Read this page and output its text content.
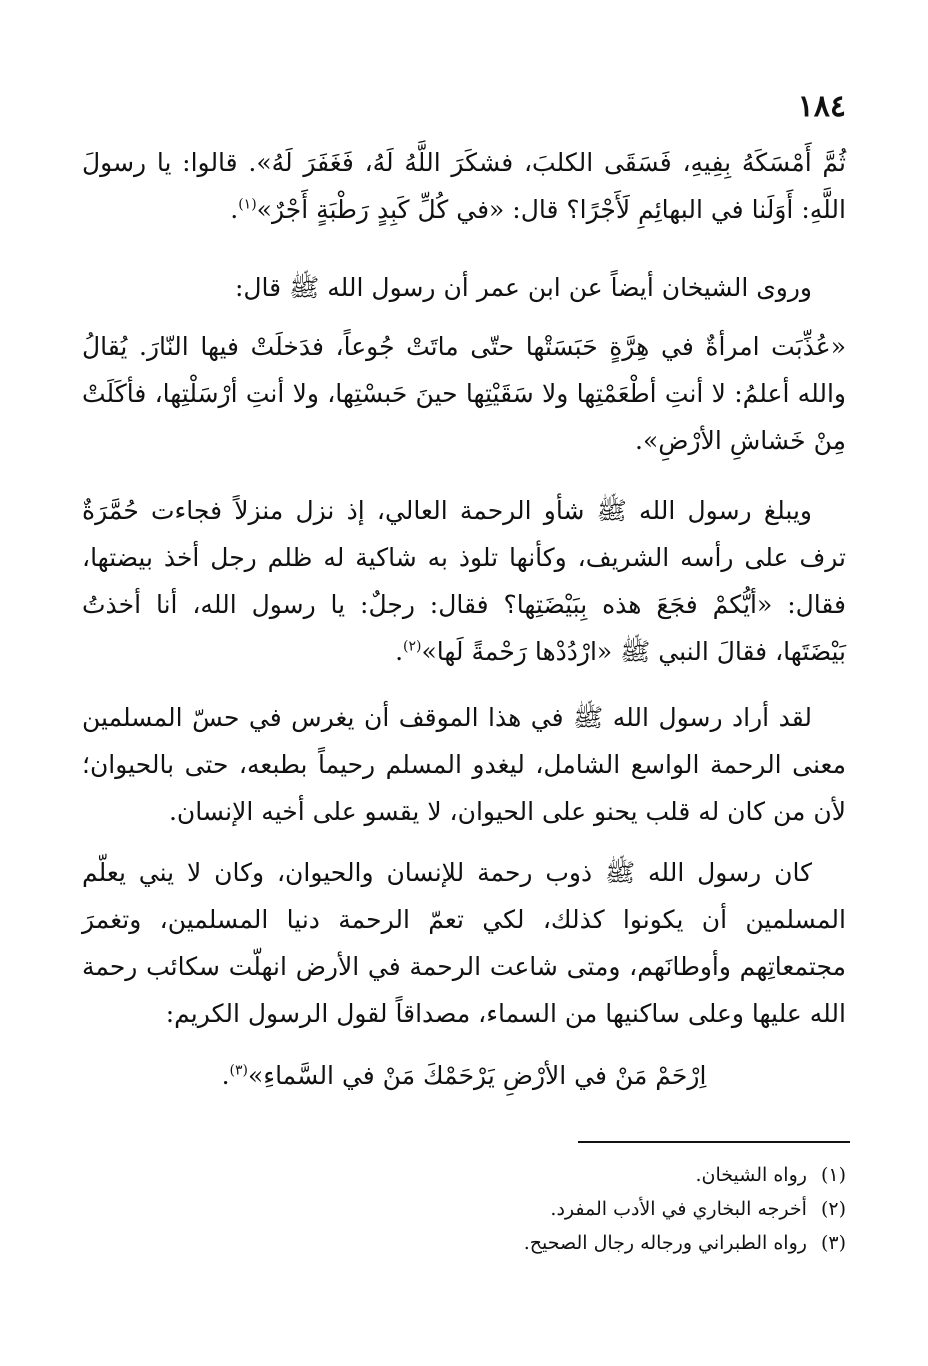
١٨٤

ثُمَّ أَمْسَكَهُ بِفِيهِ، فَسَقَى الكلبَ، فشكَرَ اللَّهُ لَهُ، فَغَفَرَ لَهُ». قالوا: يا رسولَ اللَّهِ: أَوَلَنا في البهائِمِ لَأَجْرًا؟ قال: «في كُلِّ كَبِدٍ رَطْبَةٍ أَجْرٌ»$^{(١)}$.

وروى الشيخان أيضاً عن ابن عمر أن رسول الله ﷺ قال:

«عُذِّبَت امرأةٌ في هِرَّةٍ حَبَسَتْها حتّى ماتَتْ جُوعاً، فدَخلَتْ فيها النّارَ. يُقالُ والله أعلمُ: لا أنتِ أطْعَمْتِها ولا سَقَيْتِها حينَ حَبسْتِها، ولا أنتِ أرْسَلْتِها، فأكَلَتْ مِنْ خَشاشِ الأرْضِ».

ويبلغ رسول الله ﷺ شأو الرحمة العالي، إذ نزل منزلاً فجاءت حُمَّرَةٌ ترف على رأسه الشريف، وكأنها تلوذ به شاكية له ظلم رجل أخذ بيضتها، فقال: «أيُّكمْ فجَعَ هذه بِبَيْضَتِها؟ فقال: رجلٌ: يا رسول الله، أنا أخذتُ بَيْضَتَها، فقالَ النبي ﷺ «ارْدُدْها رَحْمةً لَها»$^{(٢)}$.

لقد أراد رسول الله ﷺ في هذا الموقف أن يغرس في حسّ المسلمين معنى الرحمة الواسع الشامل، ليغدو المسلم رحيماً بطبعه، حتى بالحيوان؛ لأن من كان له قلب يحنو على الحيوان، لا يقسو على أخيه الإنسان.

كان رسول الله ﷺ ذوب رحمة للإنسان والحيوان، وكان لا يني يعلّم المسلمين أن يكونوا كذلك، لكي تعمّ الرحمة دنيا المسلمين، وتغمرَ مجتمعاتِهم وأوطانَهم، ومتى شاعت الرحمة في الأرض انهلّت سكائب رحمة الله عليها وعلى ساكنيها من السماء، مصداقاً لقول الرسول الكريم:

اِرْحَمْ مَنْ في الأرْضِ يَرْحَمْكَ مَنْ في السَّماءِ»$^{(٣)}$.

(١)
رواه الشيخان.
(٢)
أخرجه البخاري في الأدب المفرد.
(٣)
رواه الطبراني ورجاله رجال الصحيح.
